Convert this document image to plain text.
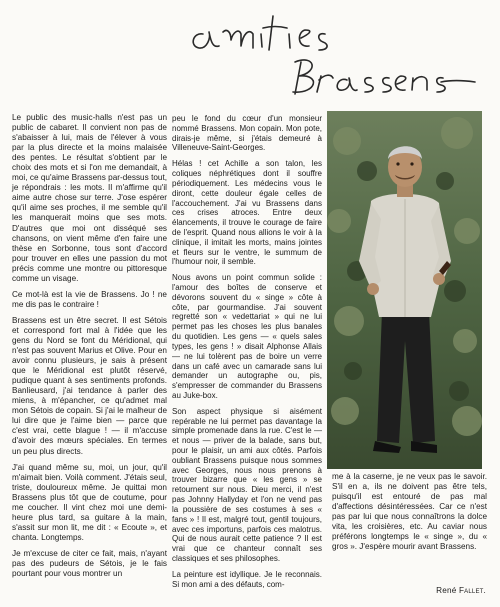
Le public des music-halls n'est pas un public de cabaret. Il convient non pas de s'abaisser à lui, mais de l'élever à vous par la plus directe et la moins malaisée des pentes. Le résultat s'obtient par le choix des mots et si l'on me demandait, à moi, ce qu'aime Brassens par-dessus tout, je répondrais : les mots. Il m'affirme qu'il aime autre chose sur terre. J'ose espérer qu'il aime ses proches, il me semble qu'il les manquerait moins que ses mots. D'autres que moi ont disséqué ses chansons, on vient même d'en faire une thèse en Sorbonne, tous sont d'accord pour trouver en elles une passion du mot précis comme une montre ou pittoresque comme un visage.

Ce mot-là est la vie de Brassens. Jo ! ne me dis pas le contraire !

Brassens est un être secret. Il est Sétois et correspond fort mal à l'idée que les gens du Nord se font du Méridional, qui n'est pas souvent Marius et Olive. Pour en avoir connu plusieurs, je sais à présent que le Méridional est plutôt réservé, pudique quant à ses sentiments profonds. Banlieusard, j'ai tendance à parler des miens, à m'épancher, ce qu'admet mal mon Sétois de copain. Si j'ai le malheur de lui dire que je l'aime bien — parce que c'est vrai, cette blague ! — il m'accuse d'avoir des mœurs spéciales. En termes un peu plus directs.

J'ai quand même su, moi, un jour, qu'il m'aimait bien. Voilà comment. J'étais seul, triste, douloureux même. Je quittai mon Brassens plus tôt que de coutume, pour me coucher. Il vint chez moi une demi-heure plus tard, sa guitare à la main, s'assit sur mon lit, me dit : « Ecoute », et chanta. Longtemps.

Je m'excuse de citer ce fait, mais, n'ayant pas des pudeurs de Sétois, je le fais pourtant pour vous montrer un

peu le fond du cœur d'un monsieur nommé Brassens. Mon copain. Mon pote, dirais-je même, si j'étais demeuré à Villeneuve-Saint-Georges.

Hélas ! cet Achille a son talon, les coliques néphrétiques dont il souffre périodiquement. Les médecins vous le diront, cette douleur égale celles de l'accouchement. J'ai vu Brassens dans ces crises atroces. Entre deux élancements, il trouve le courage de faire de l'esprit. Quand nous allions le voir à la clinique, il imitait les morts, mains jointes et fleurs sur le ventre, le summum de l'humour noir, il semble.

Nous avons un point commun solide : l'amour des boîtes de conserve et dévorons souvent du « singe » côte à côte, par gourmandise. J'ai souvent regretté son « vedettariat » qui ne lui permet pas les choses les plus banales du quotidien. Les gens — « quels sales types, les gens ! » disait Alphonse Allais — ne lui tolèrent pas de boire un verre dans un café avec un camarade sans lui demander un autographe ou, pis, s'empresser de commander du Brassens au Juke-box.

Son aspect physique si aisément repérable ne lui permet pas davantage la simple promenade dans la rue. C'est le — et nous — priver de la balade, sans but, pour le plaisir, un ami aux côtés. Parfois oubliant Brassens puisque nous sommes avec Georges, nous nous prenons à trouver bizarre que « les gens » se retournent sur nous. Dieu merci, il n'est pas Johnny Hallyday et l'on ne vend pas la poussière de ses costumes à ses « fans » ! Il est, malgré tout, gentil toujours, avec ces importuns, parfois ces malotrus. Qui de nous aurait cette patience ? Il est vrai que ce chanteur connaît ses classiques et ses philosophes.

La peinture est idyllique. Je le reconnais. Si mon ami a des défauts, com-

me à la caserne, je ne veux pas le savoir. S'il en a, ils ne doivent pas être tels, puisqu'il est entouré de pas mal d'affections désintéressées. Car ce n'est pas par lui que nous connaîtrons la dolce vita, les croisières, etc. Au caviar nous préférons longtemps le « singe », du « gros ». J'espère mourir avant Brassens.

René Fallet.
